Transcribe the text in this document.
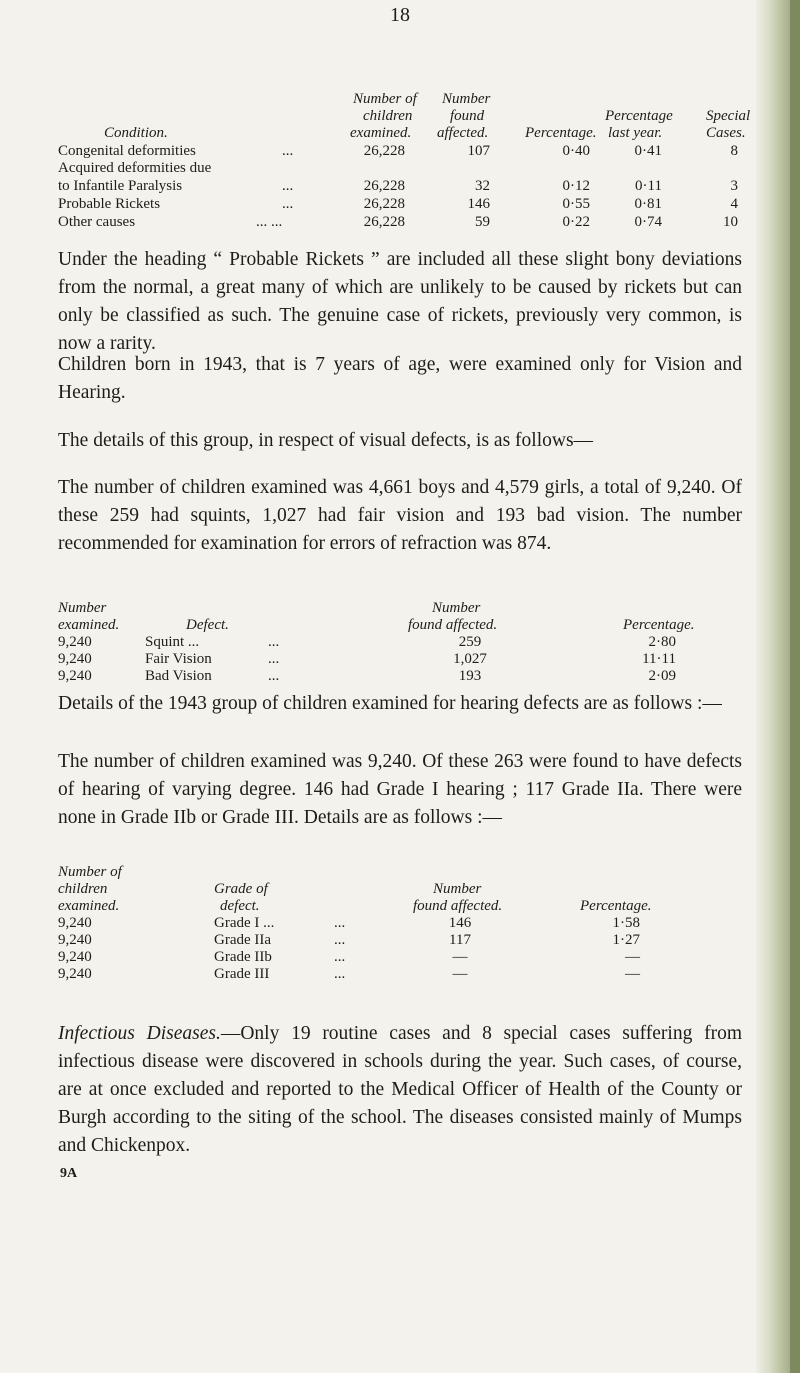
18
Number of
children
examined.
Number
found
affected. Percentage.
Percentage
last year.
Special
Cases.
Condition.
Congenital deformities	...	26,228	107	0·40	0·41	8
Acquired deformities due
to Infantile Paralysis	...	26,228	32	0·12	0·11	3
Probable Rickets	...	26,228	146	0·55	0·81	4
Other causes	... ...	26,228	59	0·22	0·74	10
Under the heading “ Probable Rickets ” are included all these slight bony deviations from the normal, a great many of which are unlikely to be caused by rickets but can only be classified as such. The genuine case of rickets, previously very common, is now a rarity.
Children born in 1943, that is 7 years of age, were examined only for Vision and Hearing.
The details of this group, in respect of visual defects, is as follows—
The number of children examined was 4,661 boys and 4,579 girls, a total of 9,240. Of these 259 had squints, 1,027 had fair vision and 193 bad vision. The number recommended for examination for errors of refraction was 874.
Number
examined.	Defect.
Number
found affected.	Percentage.
9,240	Squint ...	...	259	2·80
9,240	Fair Vision	...	1,027	11·11
9,240	Bad Vision	...	193	2·09
Details of the 1943 group of children examined for hearing defects are as follows :—
The number of children examined was 9,240. Of these 263 were found to have defects of hearing of varying degree. 146 had Grade I hearing ; 117 Grade IIa. There were none in Grade IIb or Grade III. Details are as follows :—
Number of
children
examined.
Grade of
defect.
Number
found affected.	Percentage.
9,240	Grade I ...	...	146	1·58
9,240	Grade IIa	...	117	1·27
9,240	Grade IIb	...	—	—
9,240	Grade III	...	—	—
Infectious Diseases.—Only 19 routine cases and 8 special cases suffering from infectious disease were discovered in schools during the year. Such cases, of course, are at once excluded and reported to the Medical Officer of Health of the County or Burgh according to the siting of the school. The diseases consisted mainly of Mumps and Chickenpox.
9A
